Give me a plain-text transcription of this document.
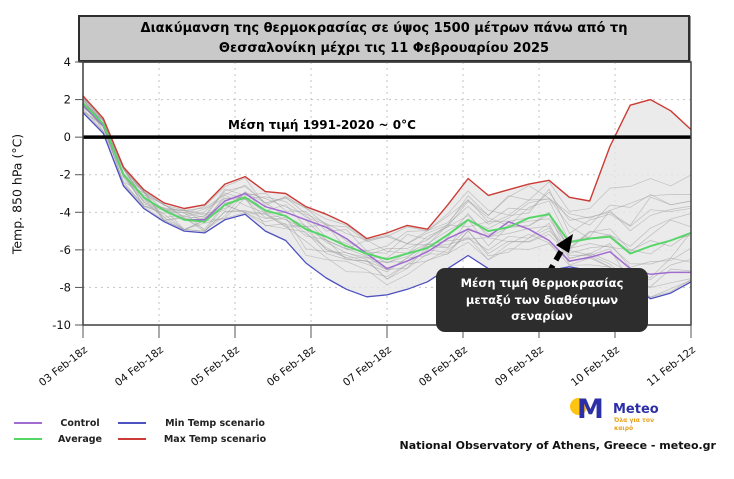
Διακύμανση της θερμοκρασίας σε ύψος 1500 μέτρων πάνω από τη Θεσσαλονίκη μέχρι τις 11 Φεβρουαρίου 2025
Temp. 850 hPa (°C)
Μέση τιμή 1991-2020 ~ 0°C
4
2
0
-2
-4
-6
-8
-10
03 Feb-18z 04 Feb-18z 05 Feb-18z 06 Feb-18z 07 Feb-18z 08 Feb-18z 09 Feb-18z 10 Feb-18z 11 Feb-12z
Μέση τιμή θερμοκρασίας μεταξύ των διαθέσιμων σεναρίων
Control	Min Temp scenario
Average	Max Temp scenario
M Meteo
Όλα για τον καιρό
National Observatory of Athens, Greece - meteo.gr
